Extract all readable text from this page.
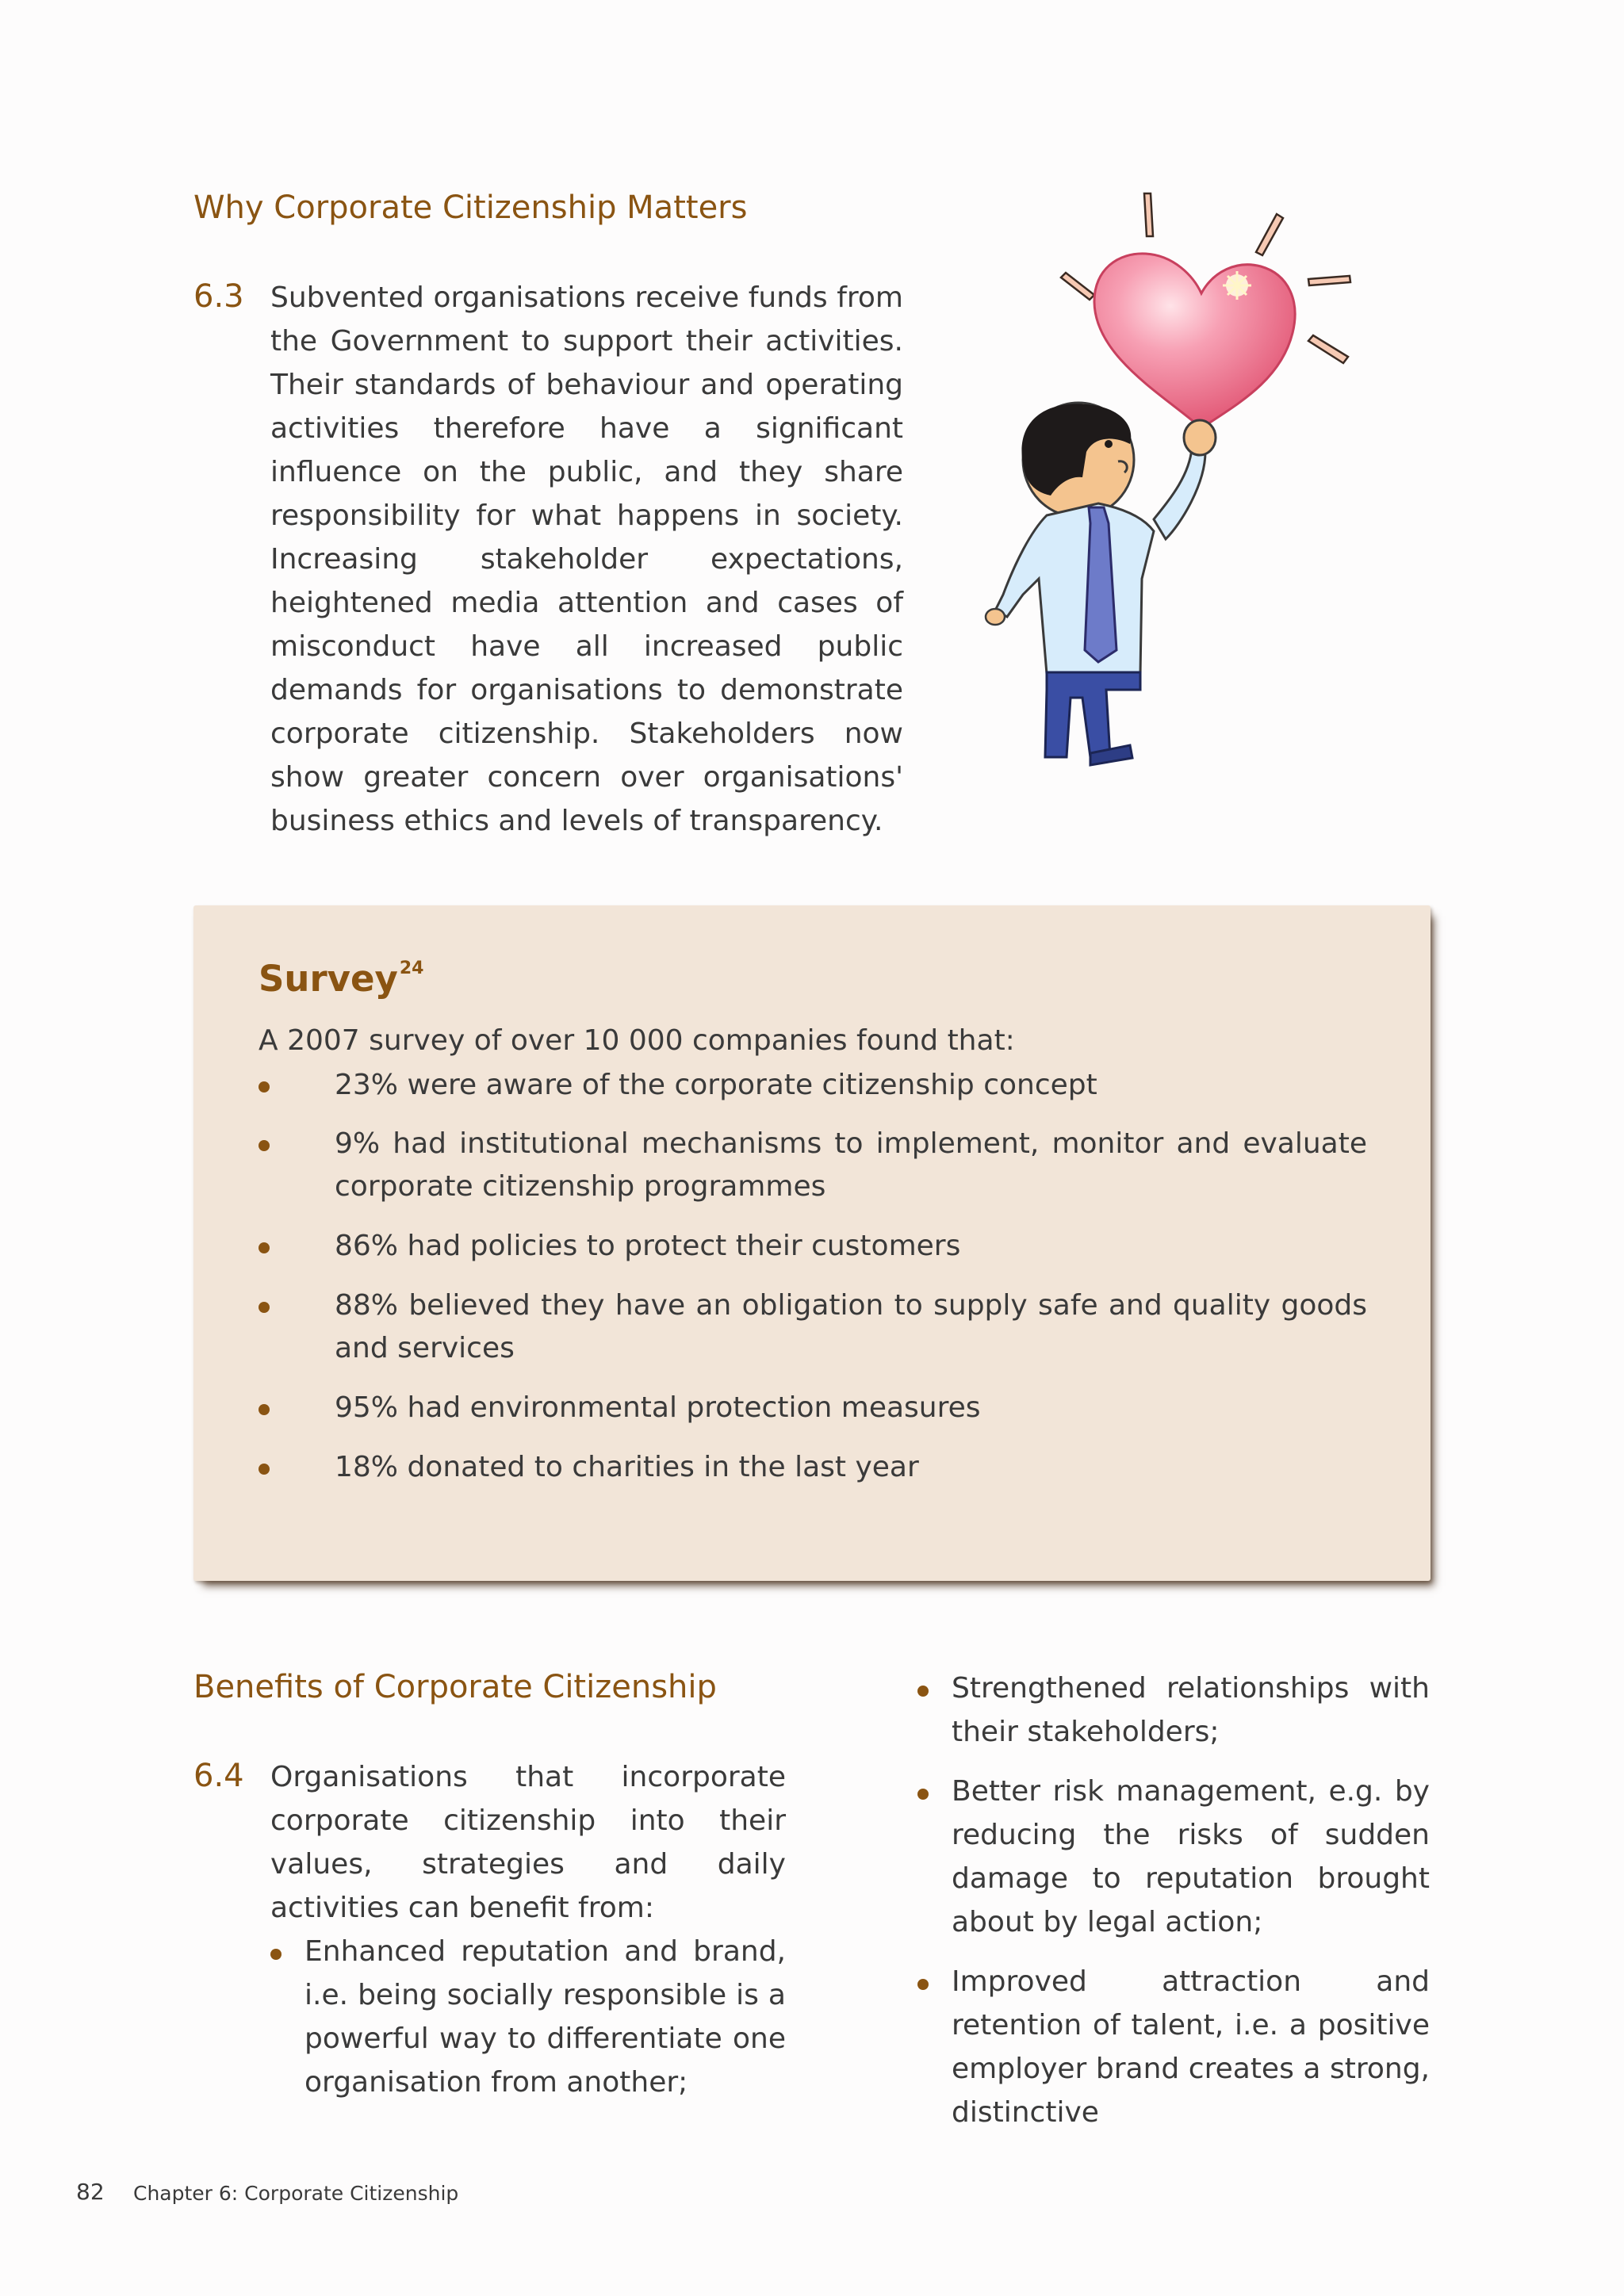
Why Corporate Citizenship Matters
6.3 Subvented organisations receive funds from the Government to support their activities. Their standards of behaviour and operating activities therefore have a significant influence on the public, and they share responsibility for what happens in society. Increasing stakeholder expectations, heightened media attention and cases of misconduct have all increased public demands for organisations to demonstrate corporate citizenship. Stakeholders now show greater concern over organisations' business ethics and levels of transparency.

Survey$^{24}$
A 2007 survey of over 10 000 companies found that:

23% were aware of the corporate citizenship concept

9% had institutional mechanisms to implement, monitor and evaluate corporate citizenship programmes

86% had policies to protect their customers

88% believed they have an obligation to supply safe and quality goods and services

95% had environmental protection measures

18% donated to charities in the last year

Benefits of Corporate Citizenship
6.4 Organisations that incorporate corporate citizenship into their values, strategies and daily activities can benefit from:

Enhanced reputation and brand, i.e. being socially responsible is a powerful way to differentiate one organisation from another;

Strengthened relationships with their stakeholders;

Better risk management, e.g. by reducing the risks of sudden damage to reputation brought about by legal action;

Improved attraction and retention of talent, i.e. a positive employer brand creates a strong, distinctive

82 Chapter 6: Corporate Citizenship
